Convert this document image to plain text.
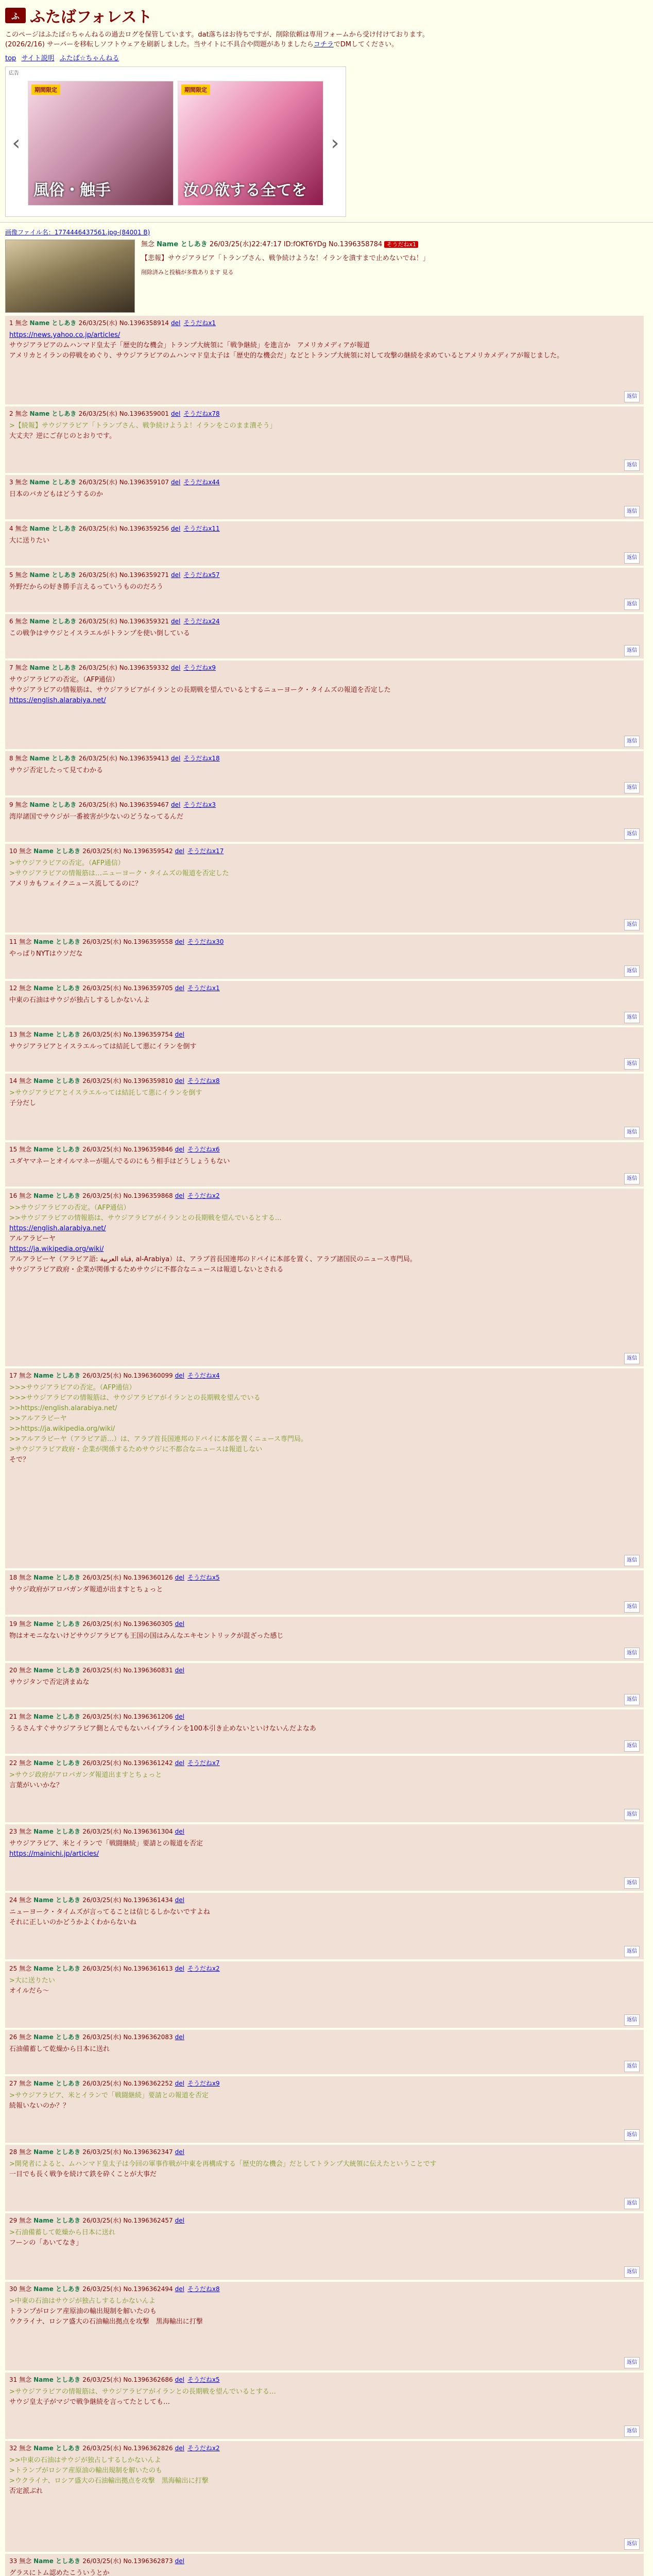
ふ ふたばフォレスト
このページはふたば☆ちゃんねるの過去ログを保管しています。dat落ちはお待ちですが、削除依頼は専用フォームから受け付けております。
(2026/2/16) サーバーを移転しソフトウェアを刷新しました。当サイトに不具合や問題がありましたらコチラでDMしてください。
top サイト説明 ふたば☆ちゃんねる
広告
‹
期間限定
風俗・触手
期間限定
汝の欲する全てを
›
画像ファイル名：1774446437561.jpg-(84001 B)
無念 Name としあき 26/03/25(水)22:47:17 ID:fOKT6YDg No.1396358784 そうだねx1
【悲報】サウジアラビア「トランプさん、戦争続けような！イランを潰すまで止めないでね！」
削除済みと投稿が多数あります 見る
1 無念 Name としあき 26/03/25(水) No.1396358914 del そうだねx1
https://news.yahoo.co.jp/articles/
サウジアラビアのムハンマド皇太子「歴史的な機会」トランプ大統領に「戦争継続」を進言か　アメリカメディアが報道
アメリカとイランの停戦をめぐり、サウジアラビアのムハンマド皇太子は「歴史的な機会だ」などとトランプ大統領に対して攻撃の継続を求めているとアメリカメディアが報じました。
返信
2 無念 Name としあき 26/03/25(水) No.1396359001 del そうだねx78
>【続報】サウジアラビア「トランプさん、戦争続けようよ！イランをこのまま潰そう」
大丈夫？逆にご存じのとおりです。
返信
3 無念 Name としあき 26/03/25(水) No.1396359107 del そうだねx44
日本のバカどもはどうするのか
返信
4 無念 Name としあき 26/03/25(水) No.1396359256 del そうだねx11
大に送りたい
返信
5 無念 Name としあき 26/03/25(水) No.1396359271 del そうだねx57
外野だからの好き勝手言えるっていうもののだろう
返信
6 無念 Name としあき 26/03/25(水) No.1396359321 del そうだねx24
この戦争はサウジとイスラエルがトランプを使い倒している
返信
7 無念 Name としあき 26/03/25(水) No.1396359332 del そうだねx9
サウジアラビアの否定。（AFP通信）
サウジアラビアの情報筋は、サウジアラビアがイランとの長期戦を望んでいるとするニューヨーク・タイムズの報道を否定した
https://english.alarabiya.net/
返信
8 無念 Name としあき 26/03/25(水) No.1396359413 del そうだねx18
サウジ否定したって見てわかる
返信
9 無念 Name としあき 26/03/25(水) No.1396359467 del そうだねx3
湾岸諸国でサウジが一番被害が少ないのどうなってるんだ
返信
10 無念 Name としあき 26/03/25(水) No.1396359542 del そうだねx17
>サウジアラビアの否定。（AFP通信）
>サウジアラビアの情報筋は…ニューヨーク・タイムズの報道を否定した
アメリカもフェイクニュース流してるのに？
返信
11 無念 Name としあき 26/03/25(水) No.1396359558 del そうだねx30
やっぱりNYTはウソだな
返信
12 無念 Name としあき 26/03/25(水) No.1396359705 del そうだねx1
中東の石油はサウジが独占しするしかないんよ
返信
13 無念 Name としあき 26/03/25(水) No.1396359754 del
サウジアラビアとイスラエルっては結託して悪にイランを倒す
返信
14 無念 Name としあき 26/03/25(水) No.1396359810 del そうだねx8
>サウジアラビアとイスラエルっては結託して悪にイランを倒す
子分だし
返信
15 無念 Name としあき 26/03/25(水) No.1396359846 del そうだねx6
ユダヤマネーとオイルマネーが組んでるのにもう相手はどうしょうもない
返信
16 無念 Name としあき 26/03/25(水) No.1396359868 del そうだねx2
>>サウジアラビアの否定。（AFP通信）
>>サウジアラビアの情報筋は、サウジアラビアがイランとの長期戦を望んでいるとする…
https://english.alarabiya.net/
アルアラビーヤ
https://ja.wikipedia.org/wiki/
アルアラビーヤ（アラビア語: قناة العربية‎, al-Arabiya）は、アラブ首長国連邦のドバイに本部を置く、アラブ諸国民のニュース専門局。
サウジアラビア政府・企業が関係するためサウジに不都合なニュースは報道しないとされる
返信
17 無念 Name としあき 26/03/25(水) No.1396360099 del そうだねx4
>>>サウジアラビアの否定。（AFP通信）
>>>サウジアラビアの情報筋は、サウジアラビアがイランとの長期戦を望んでいる
>>https://english.alarabiya.net/
>>アルアラビーヤ
>>https://ja.wikipedia.org/wiki/
>>アルアラビーヤ（アラビア語…）は、アラブ首長国連邦のドバイに本部を置くニュース専門局。
>サウジアラビア政府・企業が関係するためサウジに不都合なニュースは報道しない
そで？
返信
18 無念 Name としあき 26/03/25(水) No.1396360126 del そうだねx5
サウジ政府がアロバガンダ報道が出ますとちょっと
返信
19 無念 Name としあき 26/03/25(水) No.1396360305 del
物はオモニなないけどサウジアラビアも王国の国はみんなエキセントリックが混ざった感じ
返信
20 無念 Name としあき 26/03/25(水) No.1396360831 del
サウジタンで否定済まぬな
返信
21 無念 Name としあき 26/03/25(水) No.1396361206 del
うるさんすぐサウジアラビア側とんでもないパイプラインを100本引き止めないといけないんだよなあ
返信
22 無念 Name としあき 26/03/25(水) No.1396361242 del そうだねx7
>サウジ政府がアロバガンダ報道出ますとちょっと
言葉がいいかな？
返信
23 無念 Name としあき 26/03/25(水) No.1396361304 del
サウジアラビア、米とイランで「戦闘継続」要請との報道を否定
https://mainichi.jp/articles/
返信
24 無念 Name としあき 26/03/25(水) No.1396361434 del
ニューヨーク・タイムズが言ってることは信じるしかないですよね
それに正しいのかどうかよくわからないね
返信
25 無念 Name としあき 26/03/25(水) No.1396361613 del そうだねx2
>大に送りたい
オイルだら〜
返信
26 無念 Name としあき 26/03/25(水) No.1396362083 del
石油備蓄して乾燥から日本に送れ
返信
27 無念 Name としあき 26/03/25(水) No.1396362252 del そうだねx9
>サウジアラビア、米とイランで「戦闘継続」要請との報道を否定
続報いないのか？？
返信
28 無念 Name としあき 26/03/25(水) No.1396362347 del
>開発者によると、ムハンマド皇太子は今回の軍事作戦が中東を再構成する「歴史的な機会」だとしてトランプ大統領に伝えたということです
一目でも長く戦争を続けて鉄を砕くことが大事だ
返信
29 無念 Name としあき 26/03/25(水) No.1396362457 del
>石油備蓄して乾燥から日本に送れ
フーンの「あいてなき」
返信
30 無念 Name としあき 26/03/25(水) No.1396362494 del そうだねx8
>中東の石油はサウジが独占しするしかないんよ
トランプがロシア産原油の輸出規制を解いたのも
ウクライナ、ロシア盛大の石油輸出拠点を攻撃　黒海輸出に打撃
返信
31 無念 Name としあき 26/03/25(水) No.1396362686 del そうだねx5
>サウジアラビアの情報筋は、サウジアラビアがイランとの長期戦を望んでいるとする…
サウジ皇太子がマジで戦争継続を言ってたとしても…
返信
32 無念 Name としあき 26/03/25(水) No.1396362826 del そうだねx2
>>中東の石油はサウジが独占しするしかないんよ
>トランプがロシア産原油の輸出規制を解いたのも
>ウクライナ、ロシア盛大の石油輸出拠点を攻撃　黒海輸出に打撃
否定派ぶれ
返信
33 無念 Name としあき 26/03/25(水) No.1396362873 del
グラスにトム認めたこういうとか
